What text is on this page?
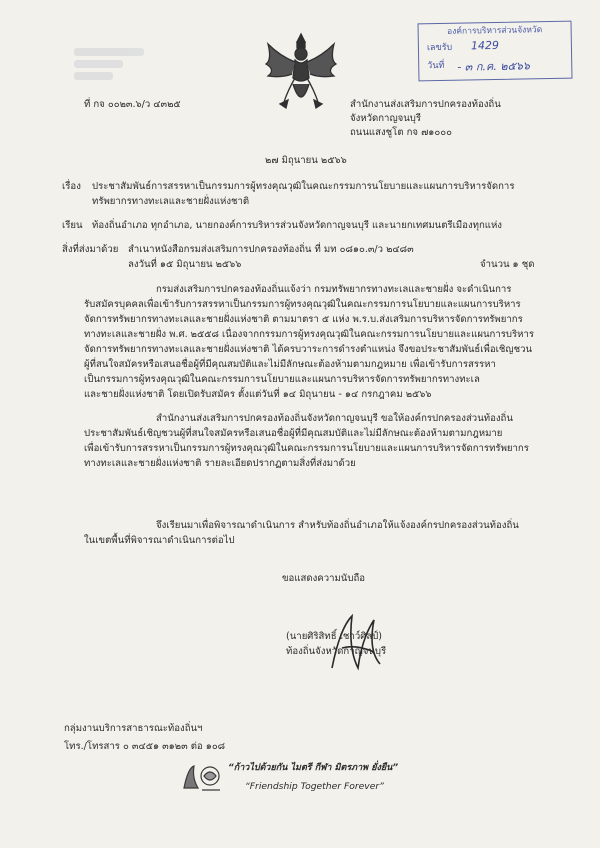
องค์การบริหารส่วนจังหวัด
เลขรับ 1429
วันที่ - ๓ ก.ค. ๒๕๖๖
ที่ กจ ๐๐๒๓.๖/ว ๔๓๒๕	สำนักงานส่งเสริมการปกครองท้องถิ่น
จังหวัดกาญจนบุรี
ถนนแสงชูโต กจ ๗๑๐๐๐
๒๗ มิถุนายน ๒๕๖๖
เรื่อง ประชาสัมพันธ์การสรรหาเป็นกรรมการผู้ทรงคุณวุฒิในคณะกรรมการนโยบายและแผนการบริหารจัดการ
ทรัพยากรทางทะเลและชายฝั่งแห่งชาติ
เรียน ท้องถิ่นอำเภอ ทุกอำเภอ, นายกองค์การบริหารส่วนจังหวัดกาญจนบุรี และนายกเทศมนตรีเมืองทุกแห่ง
สิ่งที่ส่งมาด้วย สำเนาหนังสือกรมส่งเสริมการปกครองท้องถิ่น ที่ มท ๐๘๑๐.๓/ว ๒๔๘๓
ลงวันที่ ๑๕ มิถุนายน ๒๕๖๖	จำนวน ๑ ชุด
กรมส่งเสริมการปกครองท้องถิ่นแจ้งว่า กรมทรัพยากรทางทะเลและชายฝั่ง จะดำเนินการ
รับสมัครบุคคลเพื่อเข้ารับการสรรหาเป็นกรรมการผู้ทรงคุณวุฒิในคณะกรรมการนโยบายและแผนการบริหาร
จัดการทรัพยากรทางทะเลและชายฝั่งแห่งชาติ ตามมาตรา ๕ แห่ง พ.ร.บ.ส่งเสริมการบริหารจัดการทรัพยากร
ทางทะเลและชายฝั่ง พ.ศ. ๒๕๕๘ เนื่องจากกรรมการผู้ทรงคุณวุฒิในคณะกรรมการนโยบายและแผนการบริหาร
จัดการทรัพยากรทางทะเลและชายฝั่งแห่งชาติ ได้ครบวาระการดำรงตำแหน่ง จึงขอประชาสัมพันธ์เพื่อเชิญชวน
ผู้ที่สนใจสมัครหรือเสนอชื่อผู้ที่มีคุณสมบัติและไม่มีลักษณะต้องห้ามตามกฎหมาย เพื่อเข้ารับการสรรหา
เป็นกรรมการผู้ทรงคุณวุฒิในคณะกรรมการนโยบายและแผนการบริหารจัดการทรัพยากรทางทะเล
และชายฝั่งแห่งชาติ โดยเปิดรับสมัคร ตั้งแต่วันที่ ๑๔ มิถุนายน - ๑๔ กรกฎาคม ๒๕๖๖
สำนักงานส่งเสริมการปกครองท้องถิ่นจังหวัดกาญจนบุรี ขอให้องค์กรปกครองส่วนท้องถิ่น
ประชาสัมพันธ์เชิญชวนผู้ที่สนใจสมัครหรือเสนอชื่อผู้ที่มีคุณสมบัติและไม่มีลักษณะต้องห้ามตามกฎหมาย
เพื่อเข้ารับการสรรหาเป็นกรรมการผู้ทรงคุณวุฒิในคณะกรรมการนโยบายและแผนการบริหารจัดการทรัพยากร
ทางทะเลและชายฝั่งแห่งชาติ รายละเอียดปรากฏตามสิ่งที่ส่งมาด้วย
จึงเรียนมาเพื่อพิจารณาดำเนินการ สำหรับท้องถิ่นอำเภอให้แจ้งองค์กรปกครองส่วนท้องถิ่น
ในเขตพื้นที่พิจารณาดำเนินการต่อไป
ขอแสดงความนับถือ
(นายศิริสิทธิ์ เชาว์ศิลป์)
ท้องถิ่นจังหวัดกาญจนบุรี
กลุ่มงานบริการสาธารณะท้องถิ่นฯ
โทร./โทรสาร ๐ ๓๔๕๑ ๓๑๒๓ ต่อ ๑๐๘
“ก้าวไปด้วยกัน ไมตรี กีฬา มิตรภาพ ยั่งยืน”
“Friendship Together Forever”
